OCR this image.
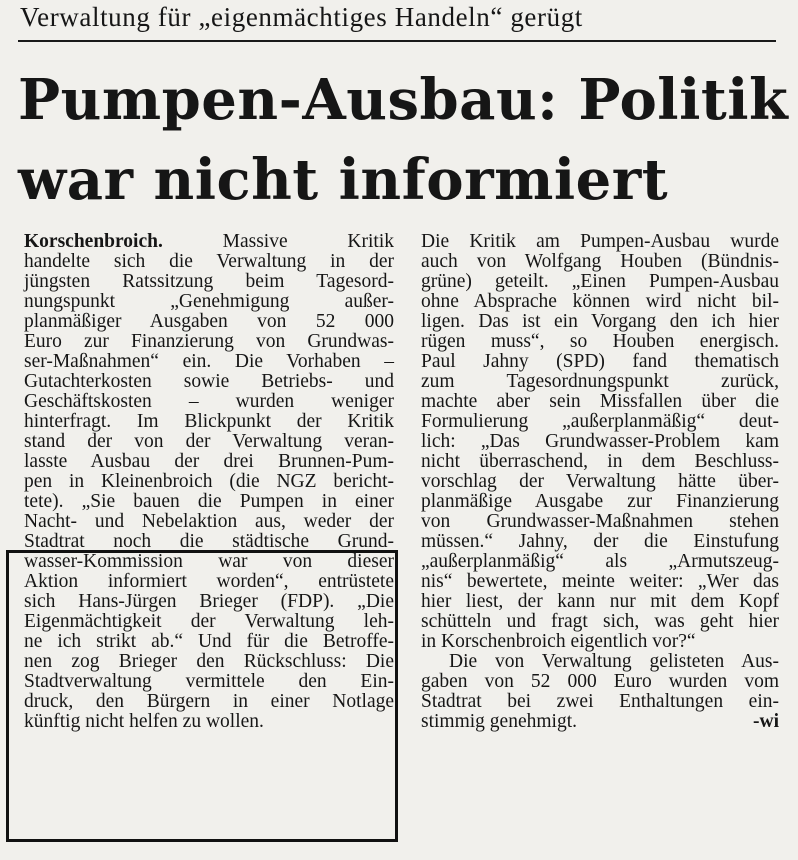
Verwaltung für „eigenmächtiges Handeln“ gerügt
Pumpen-Ausbau: Politik
war nicht informiert
Korschenbroich.	Massive Kritik
handelte sich die Verwaltung in der
jüngsten Ratssitzung beim Tagesord-
nungspunkt „Genehmigung außer-
planmäßiger Ausgaben von 52 000
Euro zur Finanzierung von Grundwas-
ser-Maßnahmen“ ein. Die Vorhaben –
Gutachterkosten sowie Betriebs- und
Geschäftskosten – wurden weniger
hinterfragt. Im Blickpunkt der Kritik
stand der von der Verwaltung veran-
lasste Ausbau der drei Brunnen-Pum-
pen in Kleinenbroich (die NGZ bericht-
tete). „Sie bauen die Pumpen in einer
Nacht- und Nebelaktion aus, weder der
Stadtrat noch die städtische Grund-
wasser-Kommission war von dieser
Aktion informiert worden“, entrüstete
sich Hans-Jürgen Brieger (FDP). „Die
Eigenmächtigkeit der Verwaltung leh-
ne ich strikt ab.“ Und für die Betroffe-
nen zog Brieger den Rückschluss: Die
Stadtverwaltung vermittele den Ein-
druck, den Bürgern in einer Notlage
künftig nicht helfen zu wollen.
Die Kritik am Pumpen-Ausbau wurde
auch von Wolfgang Houben (Bündnis-
grüne) geteilt. „Einen Pumpen-Ausbau
ohne Absprache können wird nicht bil-
ligen. Das ist ein Vorgang den ich hier
rügen muss“, so Houben energisch.
Paul Jahny (SPD) fand thematisch
zum Tagesordnungspunkt zurück,
machte aber sein Missfallen über die
Formulierung „außerplanmäßig“ deut-
lich: „Das Grundwasser-Problem kam
nicht überraschend, in dem Beschluss-
vorschlag der Verwaltung hätte über-
planmäßige Ausgabe zur Finanzierung
von Grundwasser-Maßnahmen stehen
müssen.“ Jahny, der die Einstufung
„außerplanmäßig“ als „Armutszeug-
nis“ bewertete, meinte weiter: „Wer das
hier liest, der kann nur mit dem Kopf
schütteln und fragt sich, was geht hier
in Korschenbroich eigentlich vor?“
Die von Verwaltung gelisteten Aus-
gaben von 52 000 Euro wurden vom
Stadtrat bei zwei Enthaltungen ein-
stimmig genehmigt.	-wi
